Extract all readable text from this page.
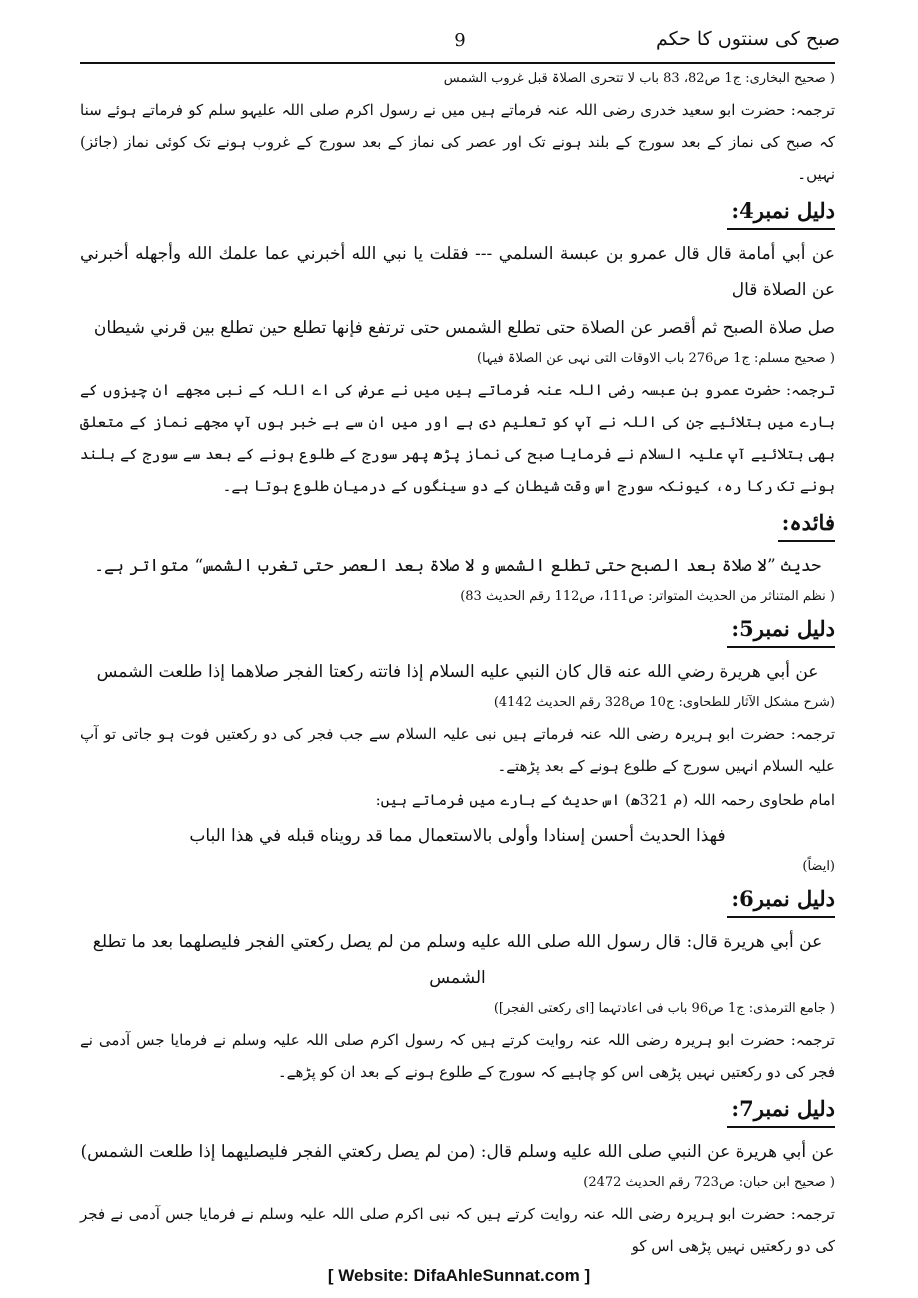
صبح کی سنتوں کا حکم
9

( صحیح البخاری: ج1 ص82، 83 باب لا تتحری الصلاۃ قبل غروب الشمس

ترجمہ: حضرت ابو سعید خدری رضی اللہ عنہ فرماتے ہیں میں نے رسول اکرم صلی اللہ علیہو سلم کو فرماتے ہوئے سنا کہ صبح کی نماز کے بعد سورج کے بلند ہونے تک اور عصر کی نماز کے بعد سورج کے غروب ہونے تک کوئی نماز (جائز) نہیں۔

دلیل نمبر4:

عن أبي أمامة قال قال عمرو بن عبسة السلمي --- فقلت يا نبي الله أخبرني عما علمك الله وأجهله أخبرني عن الصلاة قال

صل صلاة الصبح ثم أقصر عن الصلاة حتى تطلع الشمس حتى ترتفع فإنها تطلع حين تطلع بين قرني شيطان

( صحیح مسلم: ج1 ص276 باب الاوقات التی نہی عن الصلاۃ فیہا)

ترجمہ: حضرت عمرو بن عبسہ رضی اللہ عنہ فرماتے ہیں میں نے عرض کی اے اللہ کے نبی مجھے ان چیزوں کے بارے میں بتلائیے جن کی اللہ نے آپ کو تعلیم دی ہے اور میں ان سے بے خبر ہوں آپ مجھے نماز کے متعلق بھی بتلائیے آپ علیہ السلام نے فرمایا صبح کی نماز پڑھ پھر سورج کے طلوع ہونے کے بعد سے سورج کے بلند ہونے تک رکا رہ، کیونکہ سورج اس وقت شیطان کے دو سینگوں کے درمیان طلوع ہوتا ہے۔

فائدہ:

حدیث ”لا صلاة بعد الصبح حتى تطلع الشمس و لا صلاة بعد العصر حتى تغرب الشمس“ متواتر ہے۔

( نظم المتناثر من الحدیث المتواتر: ص111، ص112 رقم الحدیث 83)

دلیل نمبر5:

عن أبي هريرة رضي الله عنه قال كان النبي عليه السلام إذا فاتته ركعتا الفجر صلاهما إذا طلعت الشمس

(شرح مشکل الآثار للطحاوی: ج10 ص328 رقم الحدیث 4142)

ترجمہ: حضرت ابو ہریرہ رضی اللہ عنہ فرماتے ہیں نبی علیہ السلام سے جب فجر کی دو رکعتیں فوت ہو جاتی تو آپ علیہ السلام انہیں سورج کے طلوع ہونے کے بعد پڑھتے۔

امام طحاوی رحمہ اللہ (م 321ھ) اس حدیث کے بارے میں فرماتے ہیں:

فهذا الحديث أحسن إسنادا وأولى بالاستعمال مما قد رويناه قبله في هذا الباب

(ایضاً)

دلیل نمبر6:

عن أبي هريرة قال: قال رسول الله صلى الله عليه وسلم من لم يصل ركعتي الفجر فليصلهما بعد ما تطلع الشمس

( جامع الترمذی: ج1 ص96 باب فی اعادتہما [ای رکعتی الفجر])

ترجمہ: حضرت ابو ہریرہ رضی اللہ عنہ روایت کرتے ہیں کہ رسول اکرم صلی اللہ علیہ وسلم نے فرمایا جس آدمی نے فجر کی دو رکعتیں نہیں پڑھی اس کو چاہیے کہ سورج کے طلوع ہونے کے بعد ان کو پڑھے۔

دلیل نمبر7:

عن أبي هريرة عن النبي صلى الله عليه وسلم قال: (من لم يصل ركعتي الفجر فليصليهما إذا طلعت الشمس)

( صحیح ابن حبان: ص723 رقم الحدیث 2472)

ترجمہ: حضرت ابو ہریرہ رضی اللہ عنہ روایت کرتے ہیں کہ نبی اکرم صلی اللہ علیہ وسلم نے فرمایا جس آدمی نے فجر کی دو رکعتیں نہیں پڑھی اس کو

[ Website: DifaAhleSunnat.com ]
